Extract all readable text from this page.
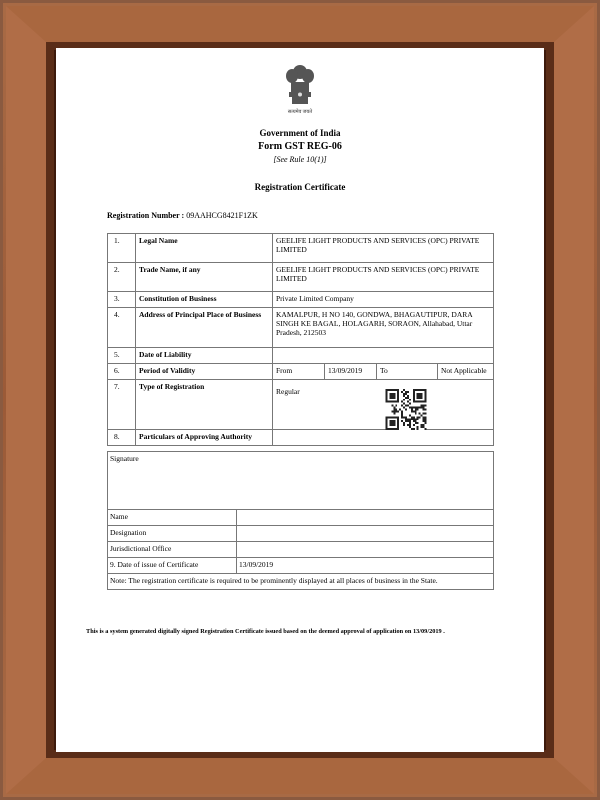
सत्यमेव जयते
Government of India
Form GST REG-06
[See Rule 10(1)]
Registration Certificate
Registration Number : 09AAHCG8421F1ZK
1.	Legal Name	GEELIFE LIGHT PRODUCTS AND SERVICES (OPC) PRIVATE LIMITED			
2.	Trade Name, if any	GEELIFE LIGHT PRODUCTS AND SERVICES (OPC) PRIVATE LIMITED			
3.	Constitution of Business	Private Limited Company			
4.	Address of Principal Place of Business	KAMALPUR, H NO 140, GONDWA, BHAGAUTIPUR, DARA SINGH KE BAGAL, HOLAGARH, SORAON, Allahabad, Uttar Pradesh, 212503			
5.	Date of Liability				
6.	Period of Validity	From	13/09/2019	To	Not Applicable
7.	Type of Registration	Regular			
8.	Particulars of Approving Authority				
Signature	
Name	
Designation	
Jurisdictional Office	
9. Date of issue of Certificate	13/09/2019
Note: The registration certificate is required to be prominently displayed at all places of business in the State.	
This is a system generated digitally signed Registration Certificate issued based on the deemed approval of application on 13/09/2019 .
